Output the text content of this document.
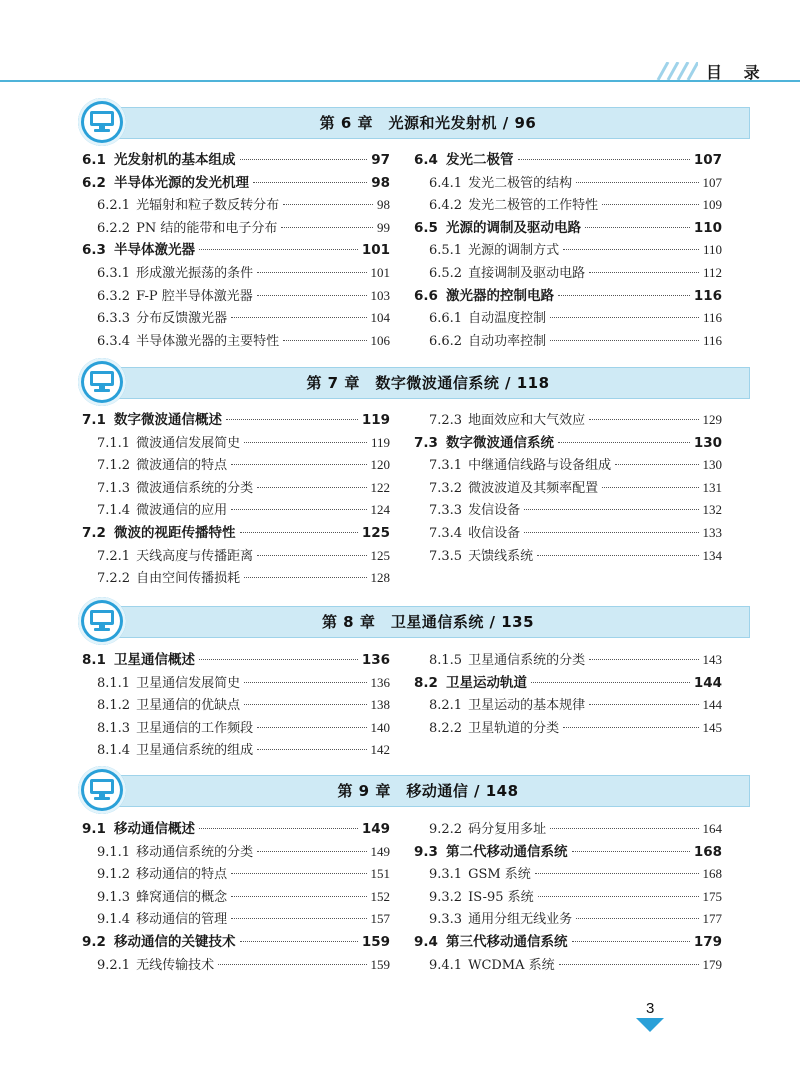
目 录
第 6 章　光源和光发射机 / 96
6.1 光发射机的基本组成	97
6.2 半导体光源的发光机理	98
6.2.1 光辐射和粒子数反转分布	98
6.2.2 PN 结的能带和电子分布	99
6.3 半导体激光器	101
6.3.1 形成激光振荡的条件	101
6.3.2 F-P 腔半导体激光器	103
6.3.3 分布反馈激光器	104
6.3.4 半导体激光器的主要特性	106
6.4 发光二极管	107
6.4.1 发光二极管的结构	107
6.4.2 发光二极管的工作特性	109
6.5 光源的调制及驱动电路	110
6.5.1 光源的调制方式	110
6.5.2 直接调制及驱动电路	112
6.6 激光器的控制电路	116
6.6.1 自动温度控制	116
6.6.2 自动功率控制	116
第 7 章　数字微波通信系统 / 118
7.1 数字微波通信概述	119
7.1.1 微波通信发展简史	119
7.1.2 微波通信的特点	120
7.1.3 微波通信系统的分类	122
7.1.4 微波通信的应用	124
7.2 微波的视距传播特性	125
7.2.1 天线高度与传播距离	125
7.2.2 自由空间传播损耗	128
7.2.3 地面效应和大气效应	129
7.3 数字微波通信系统	130
7.3.1 中继通信线路与设备组成	130
7.3.2 微波波道及其频率配置	131
7.3.3 发信设备	132
7.3.4 收信设备	133
7.3.5 天馈线系统	134
第 8 章　卫星通信系统 / 135
8.1 卫星通信概述	136
8.1.1 卫星通信发展简史	136
8.1.2 卫星通信的优缺点	138
8.1.3 卫星通信的工作频段	140
8.1.4 卫星通信系统的组成	142
8.1.5 卫星通信系统的分类	143
8.2 卫星运动轨道	144
8.2.1 卫星运动的基本规律	144
8.2.2 卫星轨道的分类	145
第 9 章　移动通信 / 148
9.1 移动通信概述	149
9.1.1 移动通信系统的分类	149
9.1.2 移动通信的特点	151
9.1.3 蜂窝通信的概念	152
9.1.4 移动通信的管理	157
9.2 移动通信的关键技术	159
9.2.1 无线传输技术	159
9.2.2 码分复用多址	164
9.3 第二代移动通信系统	168
9.3.1 GSM 系统	168
9.3.2 IS-95 系统	175
9.3.3 通用分组无线业务	177
9.4 第三代移动通信系统	179
9.4.1 WCDMA 系统	179
3
